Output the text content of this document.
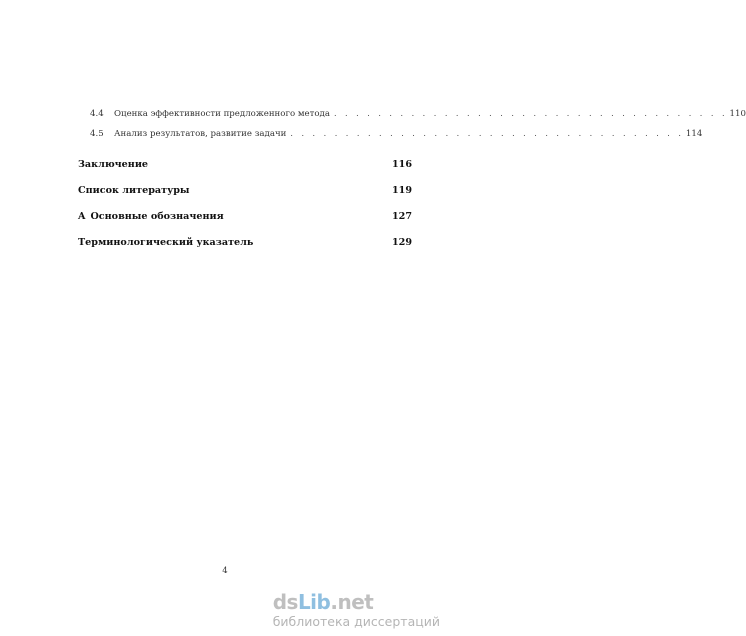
4.4	Оценка эффективности предложенного метода . . . . . . . . . . . . . . . . . . . . . . . . . . . . . . . . . . . . 110
4.5	Анализ результатов, развитие задачи . . . . . . . . . . . . . . . . . . . . . . . . . . . . . . . . . . . . 114
Заключение	116
Список литературы	119
A Основные обозначения	127
Терминологический указатель	129
4
dsLib.net
библиотека диссертаций
